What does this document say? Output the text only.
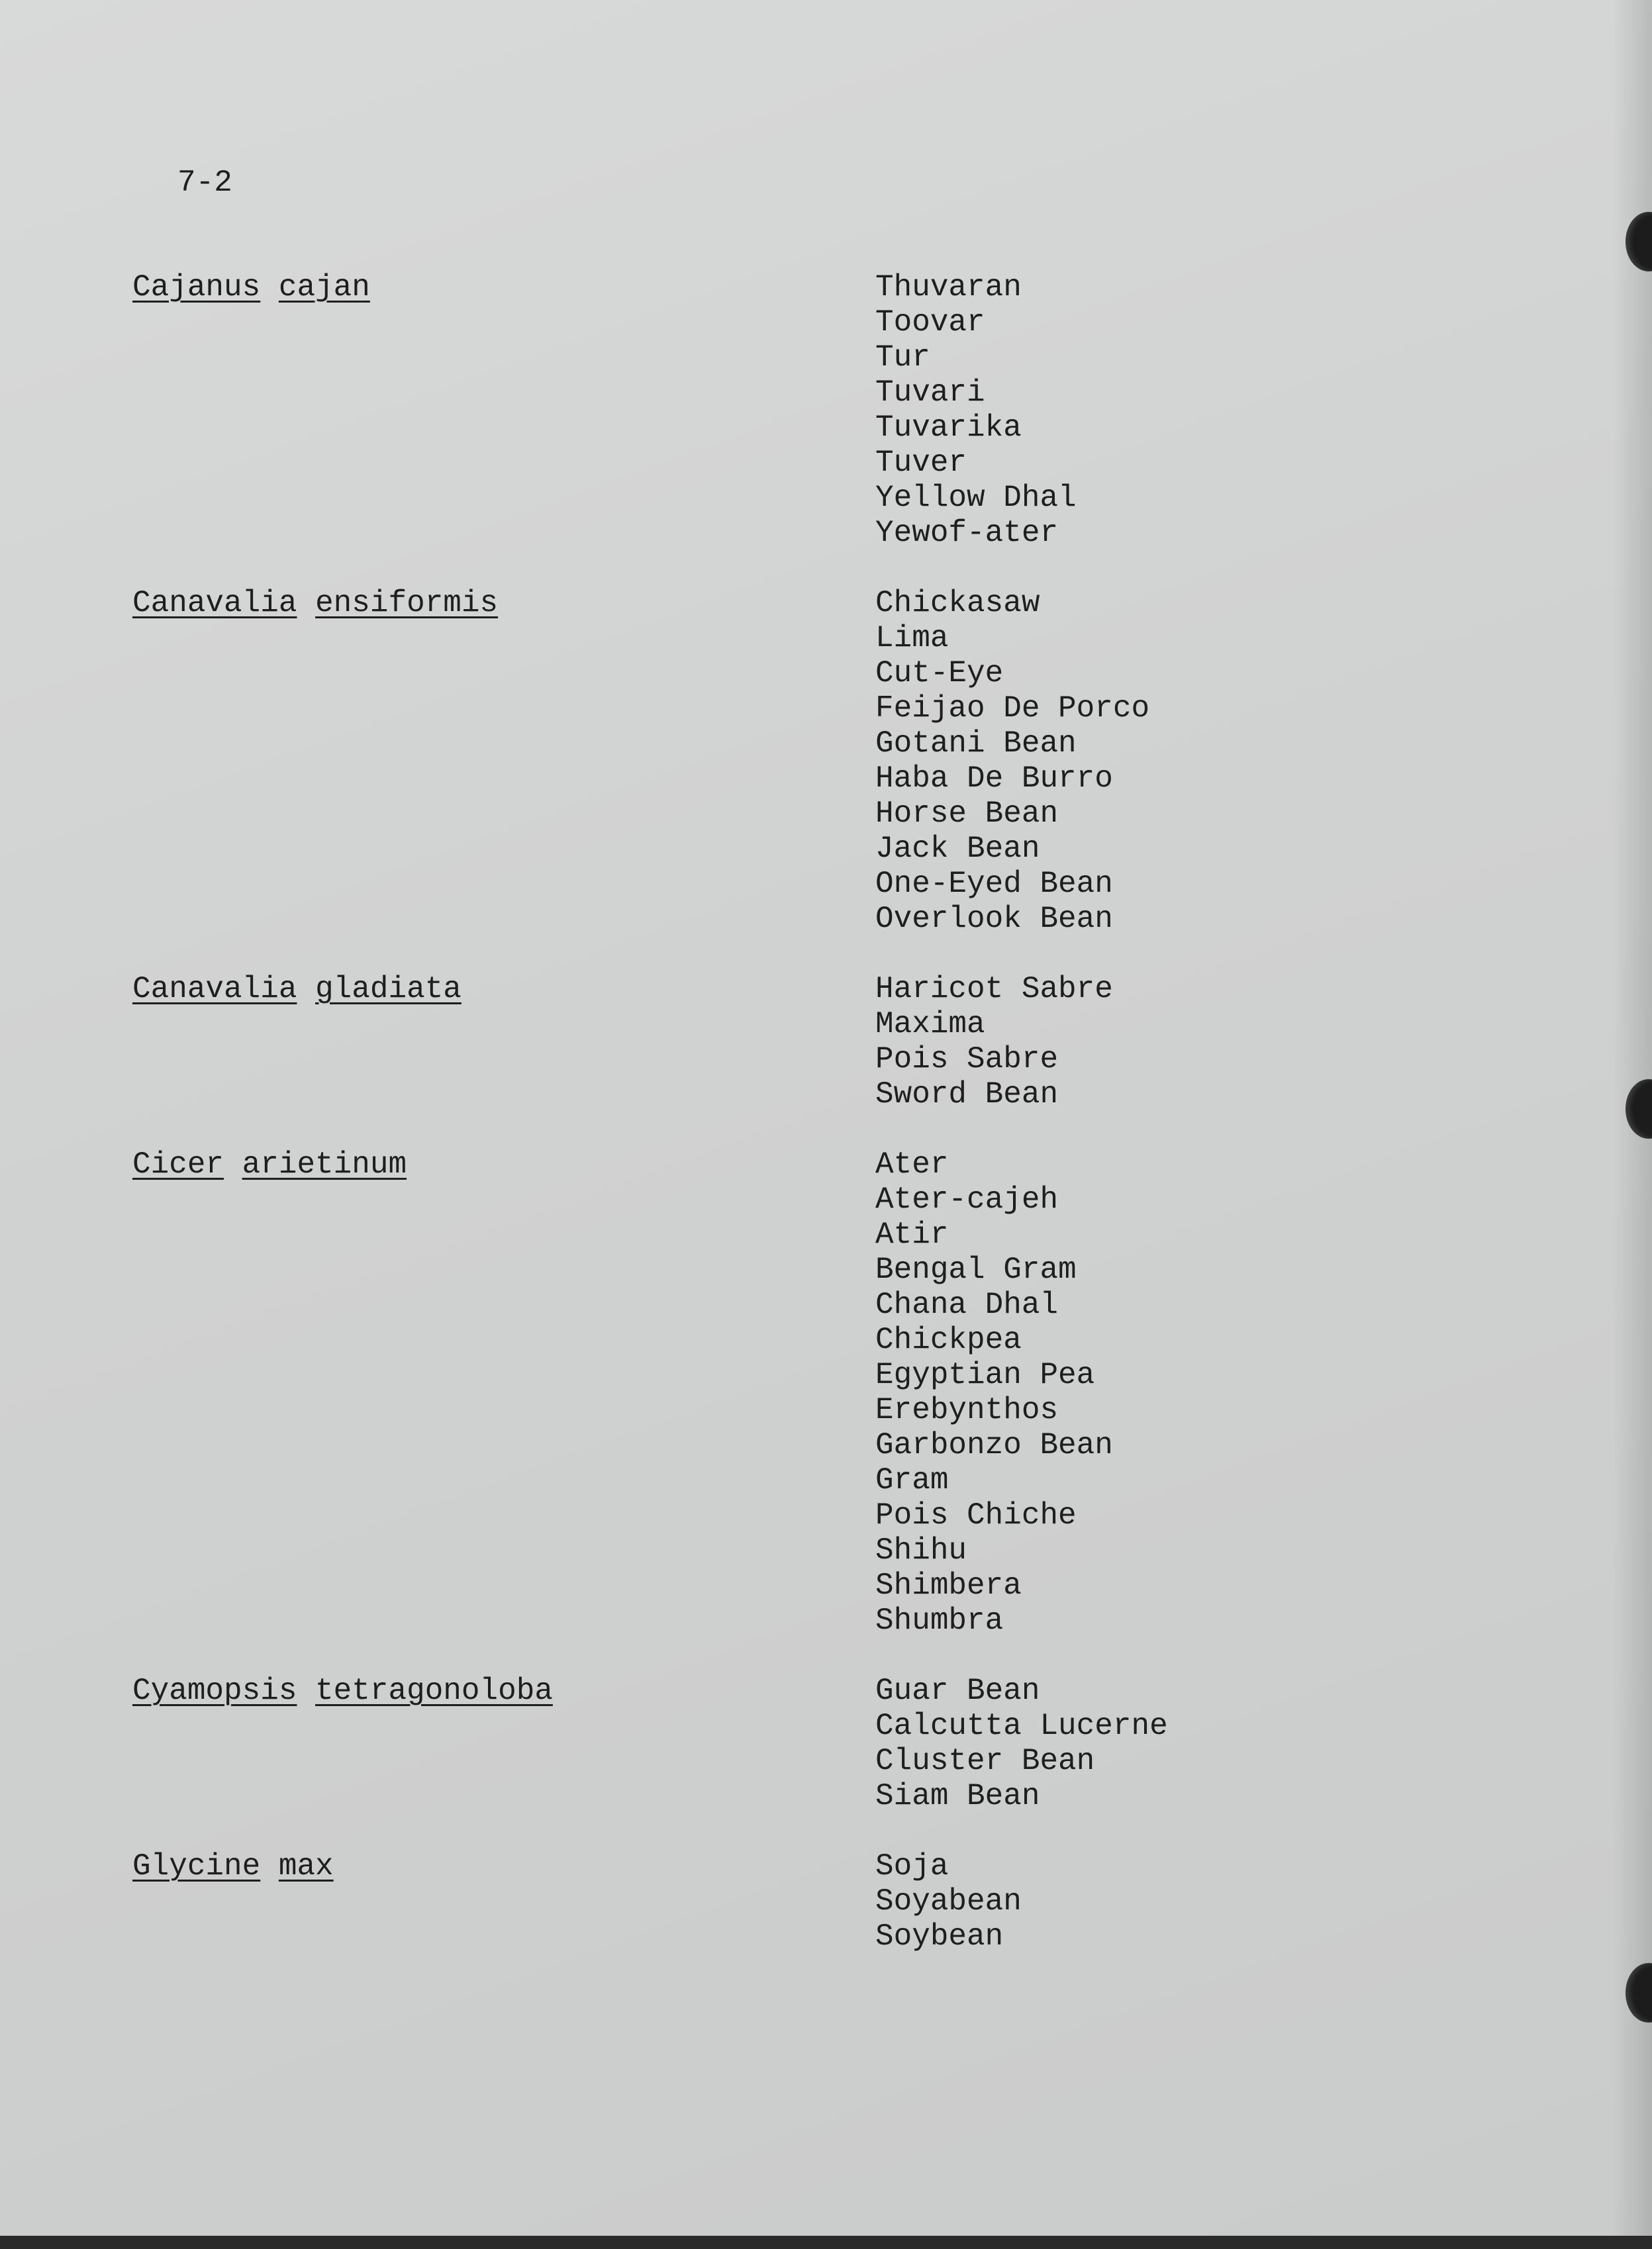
7-2
Cajanus cajan	Thuvaran
Toovar
Tur
Tuvari
Tuvarika
Tuver
Yellow Dhal
Yewof-ater
Canavalia ensiformis	Chickasaw
Lima
Cut-Eye
Feijao De Porco
Gotani Bean
Haba De Burro
Horse Bean
Jack Bean
One-Eyed Bean
Overlook Bean
Canavalia gladiata	Haricot Sabre
Maxima
Pois Sabre
Sword Bean
Cicer arietinum	Ater
Ater-cajeh
Atir
Bengal Gram
Chana Dhal
Chickpea
Egyptian Pea
Erebynthos
Garbonzo Bean
Gram
Pois Chiche
Shihu
Shimbera
Shumbra
Cyamopsis tetragonoloba	Guar Bean
Calcutta Lucerne
Cluster Bean
Siam Bean
Glycine max	Soja
Soyabean
Soybean
